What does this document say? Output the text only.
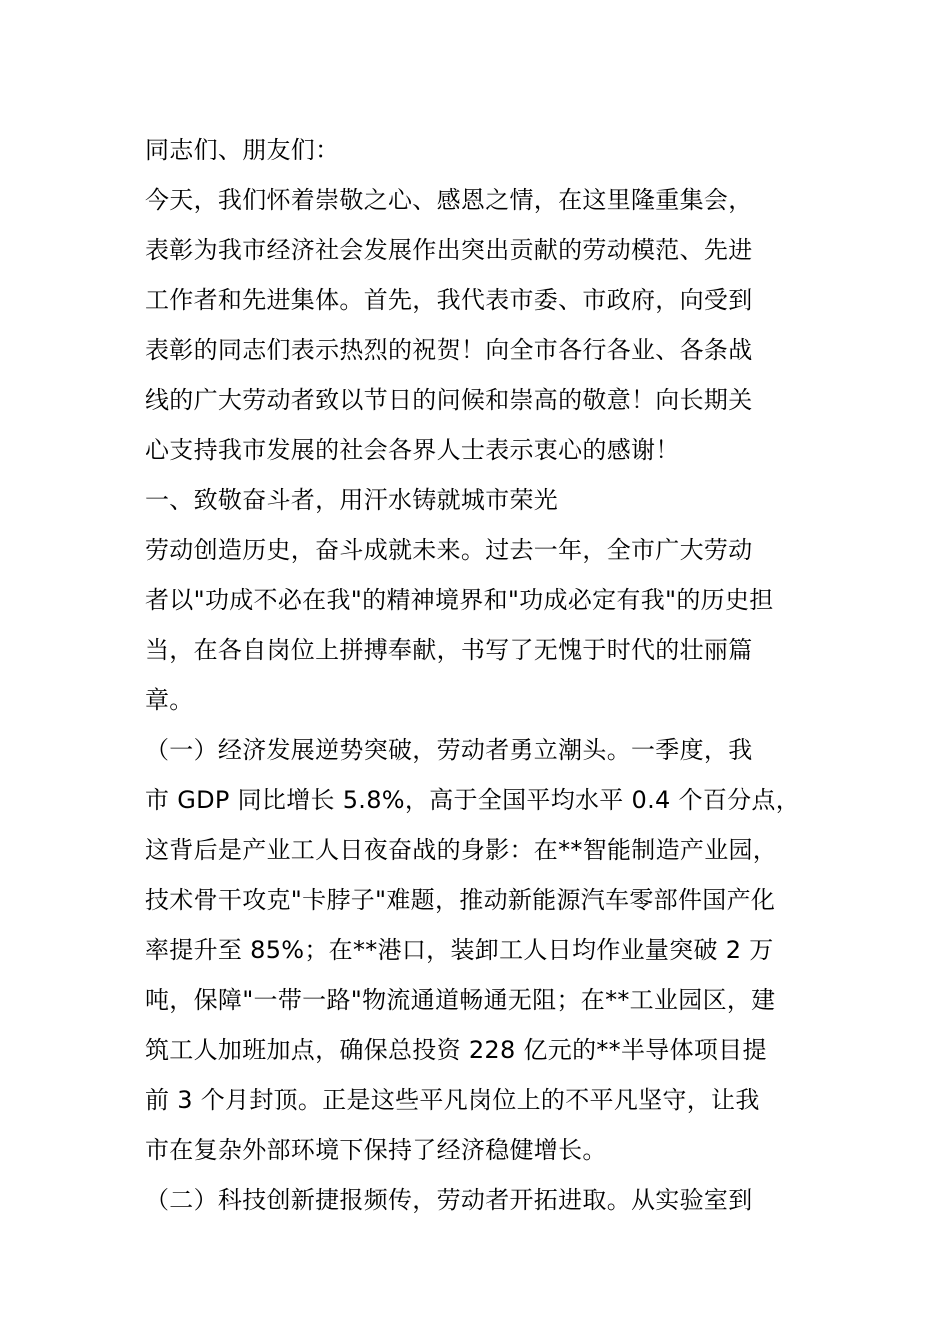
同志们、朋友们：
今天，我们怀着崇敬之心、感恩之情，在这里隆重集会，
表彰为我市经济社会发展作出突出贡献的劳动模范、先进
工作者和先进集体。首先，我代表市委、市政府，向受到
表彰的同志们表示热烈的祝贺！向全市各行各业、各条战
线的广大劳动者致以节日的问候和崇高的敬意！向长期关
心支持我市发展的社会各界人士表示衷心的感谢！
一、致敬奋斗者，用汗水铸就城市荣光
劳动创造历史，奋斗成就未来。过去一年，全市广大劳动
者以"功成不必在我"的精神境界和"功成必定有我"的历史担
当，在各自岗位上拼搏奉献，书写了无愧于时代的壮丽篇
章。
（一）经济发展逆势突破，劳动者勇立潮头。一季度，我
市 GDP 同比增长 5.8%，高于全国平均水平 0.4 个百分点，
这背后是产业工人日夜奋战的身影：在**智能制造产业园，
技术骨干攻克"卡脖子"难题，推动新能源汽车零部件国产化
率提升至 85%；在**港口，装卸工人日均作业量突破 2 万
吨，保障"一带一路"物流通道畅通无阻；在**工业园区，建
筑工人加班加点，确保总投资 228 亿元的**半导体项目提
前 3 个月封顶。正是这些平凡岗位上的不平凡坚守，让我
市在复杂外部环境下保持了经济稳健增长。
（二）科技创新捷报频传，劳动者开拓进取。从实验室到
